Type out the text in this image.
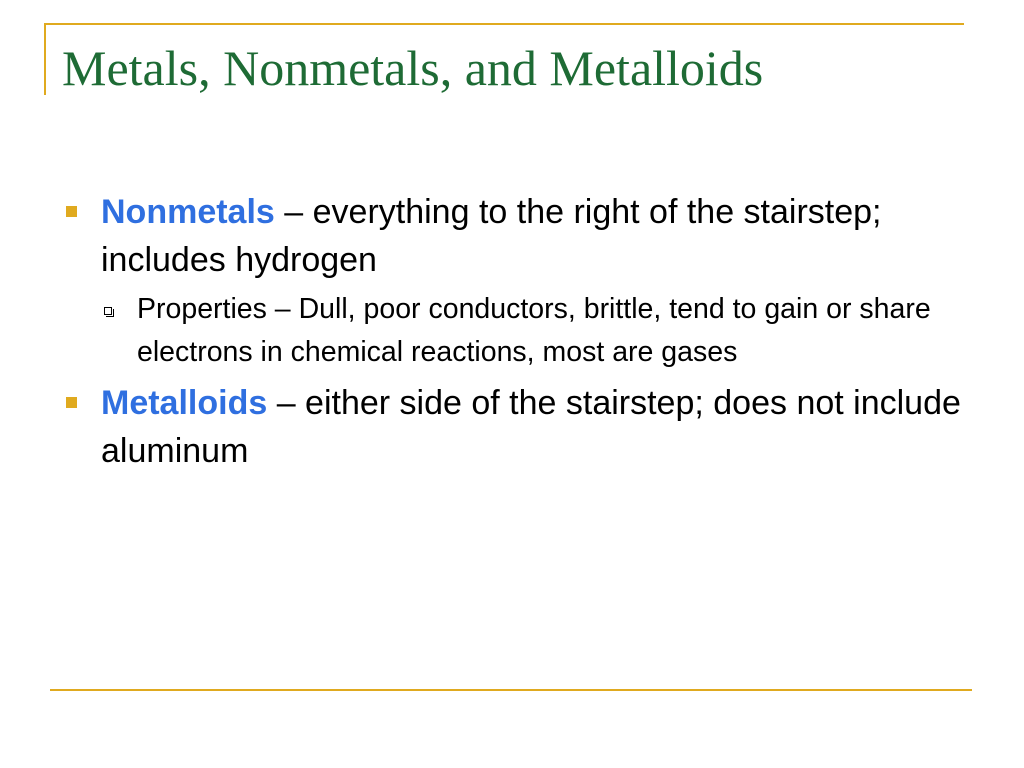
Metals, Nonmetals, and Metalloids
Nonmetals – everything to the right of the stairstep; includes hydrogen
Properties – Dull, poor conductors, brittle, tend to gain or share electrons in chemical reactions, most are gases
Metalloids – either side of the stairstep; does not include aluminum
